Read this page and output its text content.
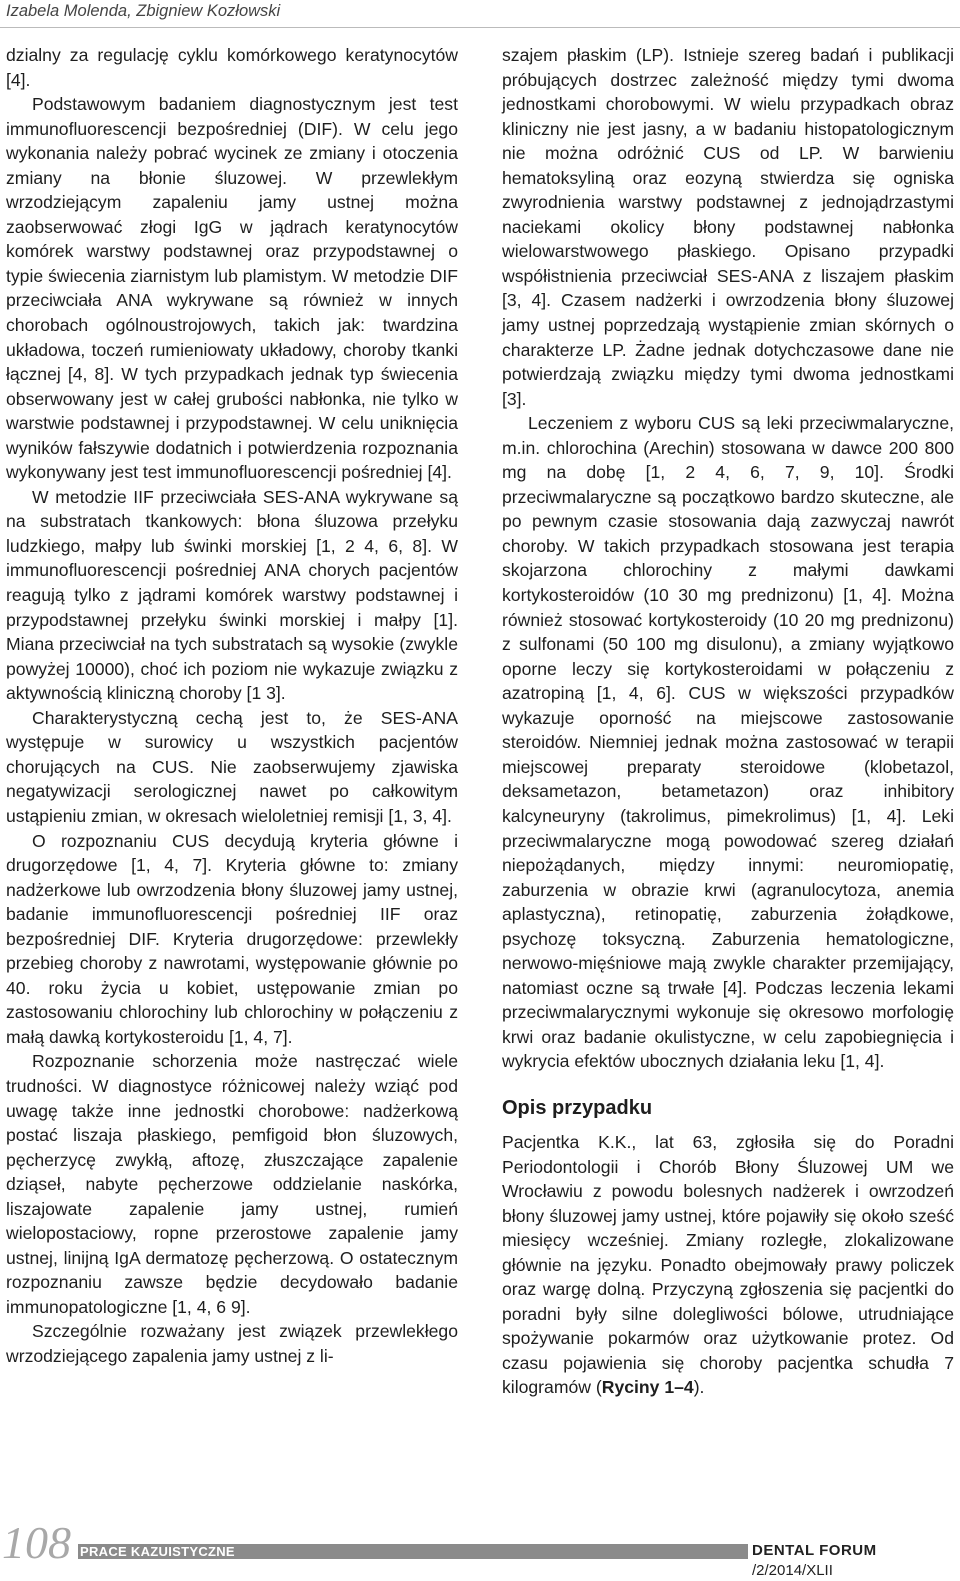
Izabela Molenda, Zbigniew Kozłowski

dzialny za regulację cyklu komórkowego keratynocytów [4].

Podstawowym badaniem diagnostycznym jest test immunofluorescencji bezpośredniej (DIF). W celu jego wykonania należy pobrać wycinek ze zmiany i otoczenia zmiany na błonie śluzowej. W przewlekłym wrzodziejącym zapaleniu jamy ustnej można zaobserwować złogi IgG w jądrach keratynocytów komórek warstwy podstawnej oraz przypodstawnej o typie świecenia ziarnistym lub plamistym. W metodzie DIF przeciwciała ANA wykrywane są również w innych chorobach ogólnoustrojowych, takich jak: twardzina układowa, toczeń rumieniowaty układowy, choroby tkanki łącznej [4, 8]. W tych przypadkach jednak typ świecenia obserwowany jest w całej grubości nabłonka, nie tylko w warstwie podstawnej i przypodstawnej. W celu uniknięcia wyników fałszywie dodatnich i potwierdzenia rozpoznania wykonywany jest test immunofluorescencji pośredniej [4].

W metodzie IIF przeciwciała SES-ANA wykrywane są na substratach tkankowych: błona śluzowa przełyku ludzkiego, małpy lub świnki morskiej [1, 2 4, 6, 8]. W immunofluorescencji pośredniej ANA chorych pacjentów reagują tylko z jądrami komórek warstwy podstawnej i przypodstawnej przełyku świnki morskiej i małpy [1]. Miana przeciwciał na tych substratach są wysokie (zwykle powyżej 10000), choć ich poziom nie wykazuje związku z aktywnością kliniczną choroby [1 3].

Charakterystyczną cechą jest to, że SES-ANA występuje w surowicy u wszystkich pacjentów chorujących na CUS. Nie zaobserwujemy zjawiska negatywizacji serologicznej nawet po całkowitym ustąpieniu zmian, w okresach wieloletniej remisji [1, 3, 4].

O rozpoznaniu CUS decydują kryteria główne i drugorzędowe [1, 4, 7]. Kryteria główne to: zmiany nadżerkowe lub owrzodzenia błony śluzowej jamy ustnej, badanie immunofluorescencji pośredniej IIF oraz bezpośredniej DIF. Kryteria drugorzędowe: przewlekły przebieg choroby z nawrotami, występowanie głównie po 40. roku życia u kobiet, ustępowanie zmian po zastosowaniu chlorochiny lub chlorochiny w połączeniu z małą dawką kortykosteroidu [1, 4, 7].

Rozpoznanie schorzenia może nastręczać wiele trudności. W diagnostyce różnicowej należy wziąć pod uwagę także inne jednostki chorobowe: nadżerkową postać liszaja płaskiego, pemfigoid błon śluzowych, pęcherzycę zwykłą, aftozę, złuszczające zapalenie dziąseł, nabyte pęcherzowe oddzielanie naskórka, liszajowate zapalenie jamy ustnej, rumień wielopostaciowy, ropne przerostowe zapalenie jamy ustnej, linijną IgA dermatozę pęcherzową. O ostatecznym rozpoznaniu zawsze będzie decydowało badanie immunopatologiczne [1, 4, 6 9].

Szczególnie rozważany jest związek przewlekłego wrzodziejącego zapalenia jamy ustnej z li-

szajem płaskim (LP). Istnieje szereg badań i publikacji próbujących dostrzec zależność między tymi dwoma jednostkami chorobowymi. W wielu przypadkach obraz kliniczny nie jest jasny, a w badaniu histopatologicznym nie można odróżnić CUS od LP. W barwieniu hematoksyliną oraz eozyną stwierdza się ogniska zwyrodnienia warstwy podstawnej z jednojądrzastymi naciekami okolicy błony podstawnej nabłonka wielowarstwowego płaskiego. Opisano przypadki współistnienia przeciwciał SES-ANA z liszajem płaskim [3, 4]. Czasem nadżerki i owrzodzenia błony śluzowej jamy ustnej poprzedzają wystąpienie zmian skórnych o charakterze LP. Żadne jednak dotychczasowe dane nie potwierdzają związku między tymi dwoma jednostkami [3].

Leczeniem z wyboru CUS są leki przeciwmalaryczne, m.in. chlorochina (Arechin) stosowana w dawce 200 800 mg na dobę [1, 2 4, 6, 7, 9, 10]. Środki przeciwmalaryczne są początkowo bardzo skuteczne, ale po pewnym czasie stosowania dają zazwyczaj nawrót choroby. W takich przypadkach stosowana jest terapia skojarzona chlorochiny z małymi dawkami kortykosteroidów (10 30 mg prednizonu) [1, 4]. Można również stosować kortykosteroidy (10 20 mg prednizonu) z sulfonami (50 100 mg disulonu), a zmiany wyjątkowo oporne leczy się kortykosteroidami w połączeniu z azatropiną [1, 4, 6]. CUS w większości przypadków wykazuje oporność na miejscowe zastosowanie steroidów. Niemniej jednak można zastosować w terapii miejscowej preparaty steroidowe (klobetazol, deksametazon, betametazon) oraz inhibitory kalcyneuryny (takrolimus, pimekrolimus) [1, 4]. Leki przeciwmalaryczne mogą powodować szereg działań niepożądanych, między innymi: neuromiopatię, zaburzenia w obrazie krwi (agranulocytoza, anemia aplastyczna), retinopatię, zaburzenia żołądkowe, psychozę toksyczną. Zaburzenia hematologiczne, nerwowo-mięśniowe mają zwykle charakter przemijający, natomiast oczne są trwałe [4]. Podczas leczenia lekami przeciwmalarycznymi wykonuje się okresowo morfologię krwi oraz badanie okulistyczne, w celu zapobiegnięcia i wykrycia efektów ubocznych działania leku [1, 4].

Opis przypadku

Pacjentka K.K., lat 63, zgłosiła się do Poradni Periodontologii i Chorób Błony Śluzowej UM we Wrocławiu z powodu bolesnych nadżerek i owrzodzeń błony śluzowej jamy ustnej, które pojawiły się około sześć miesięcy wcześniej. Zmiany rozległe, zlokalizowane głównie na języku. Ponadto obejmowały prawy policzek oraz wargę dolną. Przyczyną zgłoszenia się pacjentki do poradni były silne dolegliwości bólowe, utrudniające spożywanie pokarmów oraz użytkowanie protez. Od czasu pojawienia się choroby pacjentka schudła 7 kilogramów (Ryciny 1–4).

108 PRACE KAZUISTYCZNE	DENTAL FORUM /2/2014/XLII
